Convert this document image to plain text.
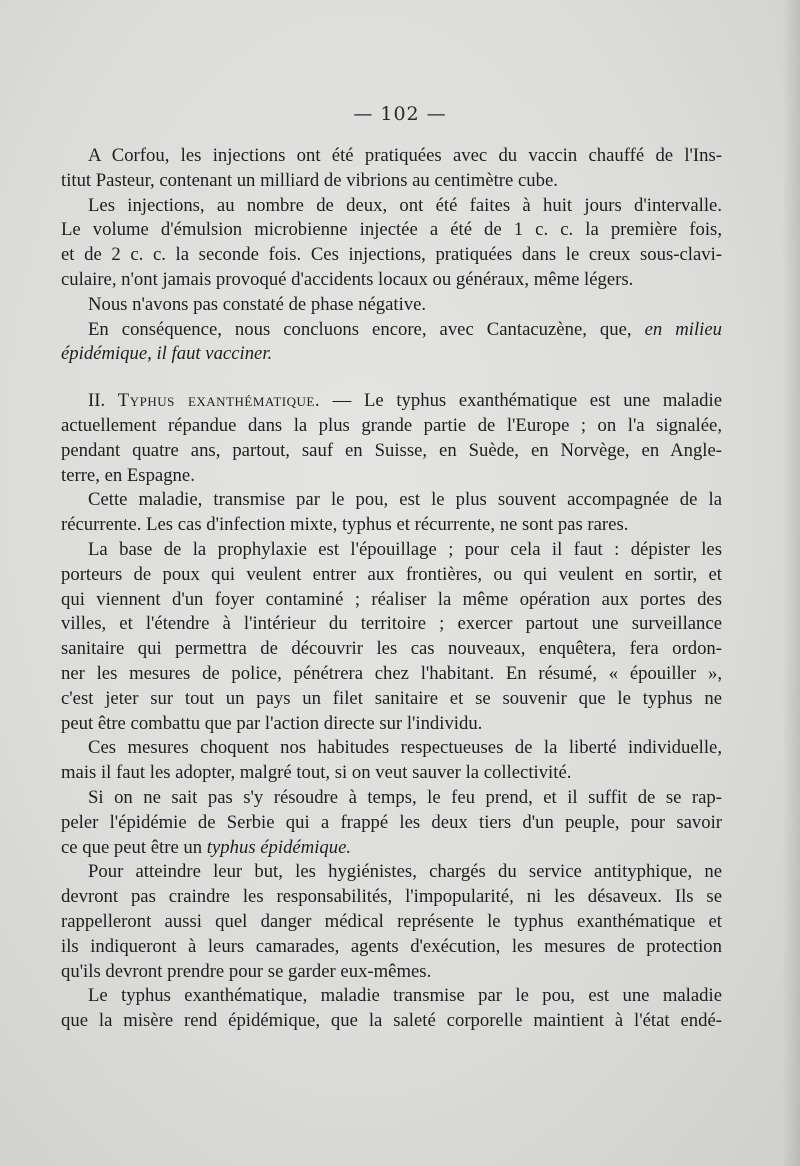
— 102 —
A Corfou, les injections ont été pratiquées avec du vaccin chauffé de l'Ins-
titut Pasteur, contenant un milliard de vibrions au centimètre cube.
Les injections, au nombre de deux, ont été faites à huit jours d'intervalle.
Le volume d'émulsion microbienne injectée a été de 1 c. c. la première fois,
et de 2 c. c. la seconde fois. Ces injections, pratiquées dans le creux sous-clavi-
culaire, n'ont jamais provoqué d'accidents locaux ou généraux, même légers.
Nous n'avons pas constaté de phase négative.
En conséquence, nous concluons encore, avec Cantacuzène, que, en milieu
épidémique, il faut vacciner.
II. Typhus exanthématique. — Le typhus exanthématique est une maladie
actuellement répandue dans la plus grande partie de l'Europe ; on l'a signalée,
pendant quatre ans, partout, sauf en Suisse, en Suède, en Norvège, en Angle-
terre, en Espagne.
Cette maladie, transmise par le pou, est le plus souvent accompagnée de la
récurrente. Les cas d'infection mixte, typhus et récurrente, ne sont pas rares.
La base de la prophylaxie est l'épouillage ; pour cela il faut : dépister les
porteurs de poux qui veulent entrer aux frontières, ou qui veulent en sortir, et
qui viennent d'un foyer contaminé ; réaliser la même opération aux portes des
villes, et l'étendre à l'intérieur du territoire ; exercer partout une surveillance
sanitaire qui permettra de découvrir les cas nouveaux, enquêtera, fera ordon-
ner les mesures de police, pénétrera chez l'habitant. En résumé, « épouiller »,
c'est jeter sur tout un pays un filet sanitaire et se souvenir que le typhus ne
peut être combattu que par l'action directe sur l'individu.
Ces mesures choquent nos habitudes respectueuses de la liberté individuelle,
mais il faut les adopter, malgré tout, si on veut sauver la collectivité.
Si on ne sait pas s'y résoudre à temps, le feu prend, et il suffit de se rap-
peler l'épidémie de Serbie qui a frappé les deux tiers d'un peuple, pour savoir
ce que peut être un typhus épidémique.
Pour atteindre leur but, les hygiénistes, chargés du service antityphique, ne
devront pas craindre les responsabilités, l'impopularité, ni les désaveux. Ils se
rappelleront aussi quel danger médical représente le typhus exanthématique et
ils indiqueront à leurs camarades, agents d'exécution, les mesures de protection
qu'ils devront prendre pour se garder eux-mêmes.
Le typhus exanthématique, maladie transmise par le pou, est une maladie
que la misère rend épidémique, que la saleté corporelle maintient à l'état endé-
